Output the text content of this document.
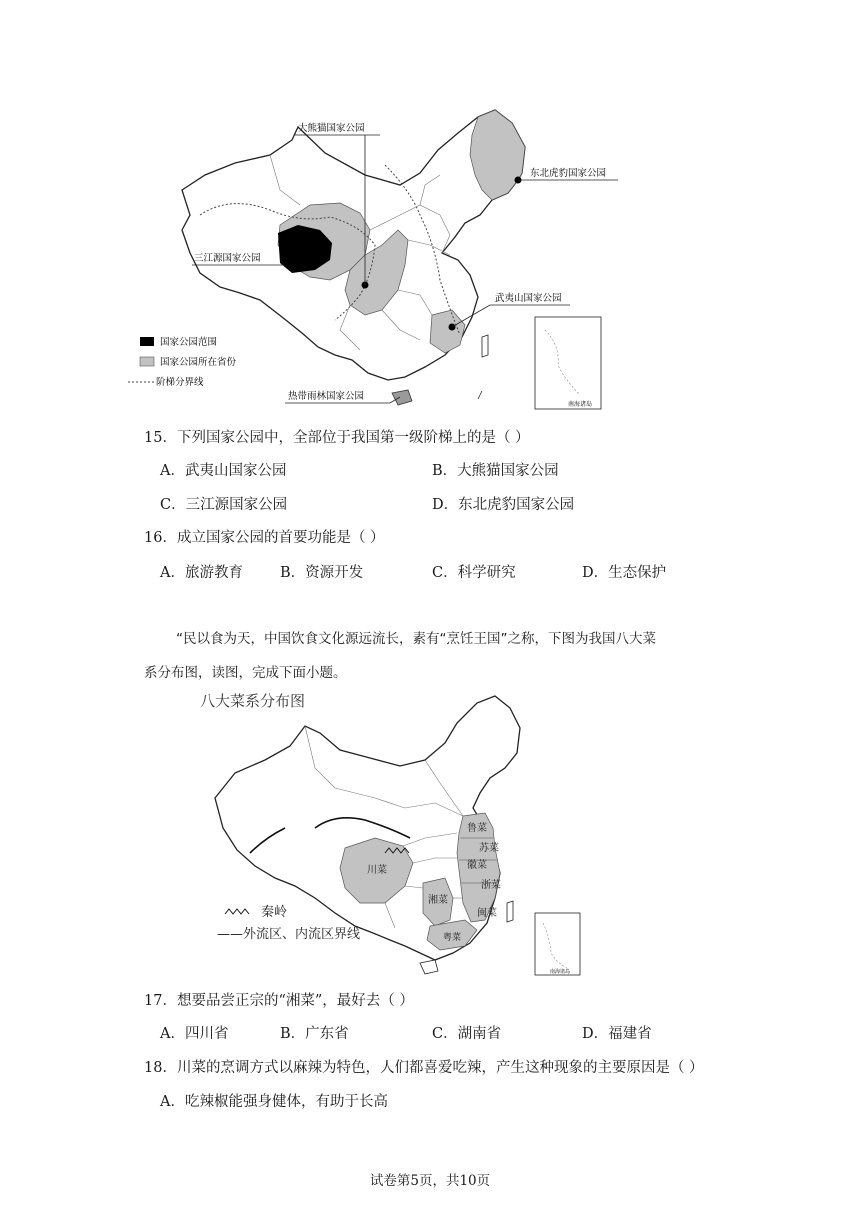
大熊猫国家公园
东北虎豹国家公园
三江源国家公园
武夷山国家公园
热带雨林国家公园
国家公园范围
国家公园所在省份
阶梯分界线
南海诸岛
15．下列国家公园中，全部位于我国第一级阶梯上的是（ ）
A．武夷山国家公园	B．大熊猫国家公园
C．三江源国家公园	D．东北虎豹国家公园
16．成立国家公园的首要功能是（ ）
A．旅游教育	B．资源开发	C．科学研究	D．生态保护
“民以食为天，中国饮食文化源远流长，素有“烹饪王国”之称，下图为我国八大菜
系分布图，读图，完成下面小题。
八大菜系分布图
川菜
湘菜
粤菜
闽菜
浙菜
徽菜
鲁菜
苏菜
秦岭
——外流区、内流区界线
南海诸岛
17．想要品尝正宗的“湘菜”，最好去（ ）
A．四川省	B．广东省	C．湖南省	D．福建省
18．川菜的烹调方式以麻辣为特色，人们都喜爱吃辣，产生这种现象的主要原因是（ ）
A．吃辣椒能强身健体，有助于长高
试卷第5页，共10页
